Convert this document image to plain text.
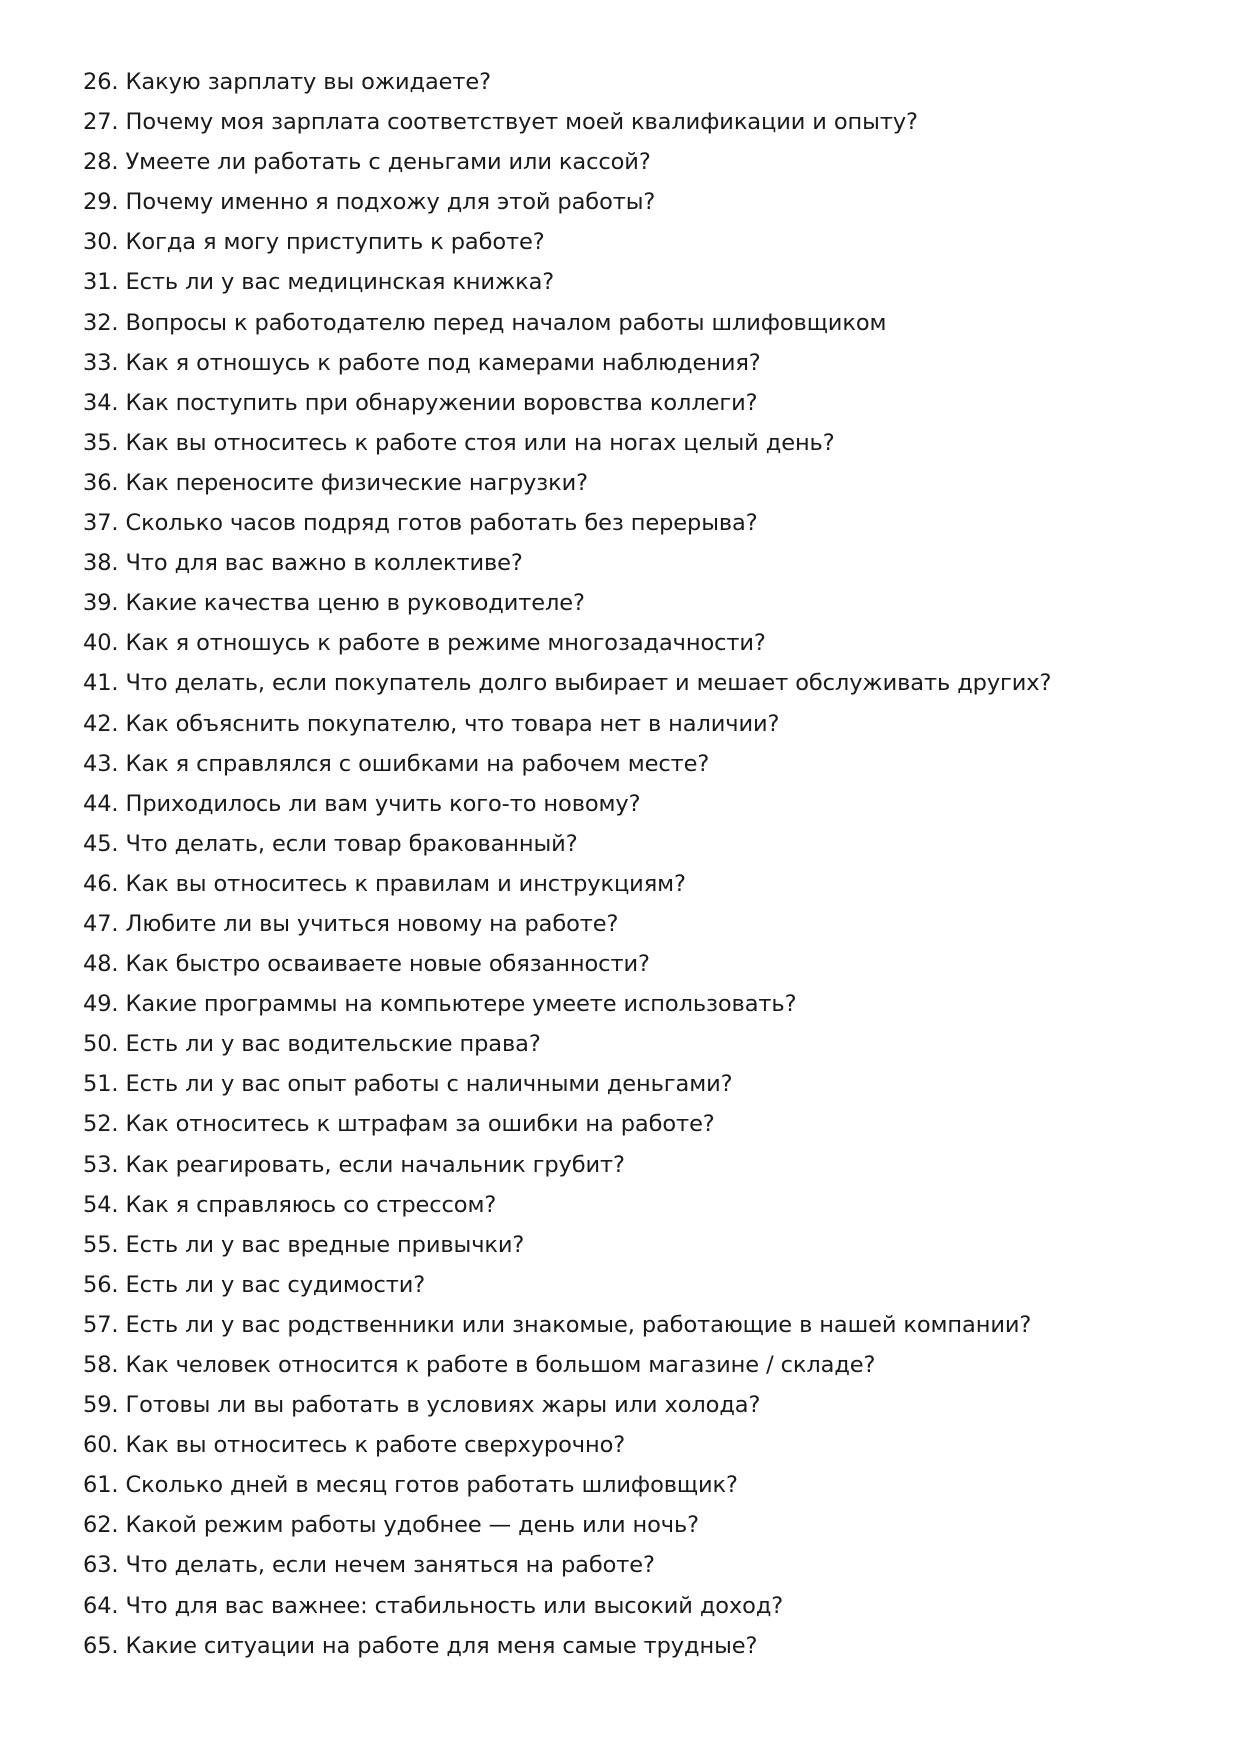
26. Какую зарплату вы ожидаете?
27. Почему моя зарплата соответствует моей квалификации и опыту?
28. Умеете ли работать с деньгами или кассой?
29. Почему именно я подхожу для этой работы?
30. Когда я могу приступить к работе?
31. Есть ли у вас медицинская книжка?
32. Вопросы к работодателю перед началом работы шлифовщиком
33. Как я отношусь к работе под камерами наблюдения?
34. Как поступить при обнаружении воровства коллеги?
35. Как вы относитесь к работе стоя или на ногах целый день?
36. Как переносите физические нагрузки?
37. Сколько часов подряд готов работать без перерыва?
38. Что для вас важно в коллективе?
39. Какие качества ценю в руководителе?
40. Как я отношусь к работе в режиме многозадачности?
41. Что делать, если покупатель долго выбирает и мешает обслуживать других?
42. Как объяснить покупателю, что товара нет в наличии?
43. Как я справлялся с ошибками на рабочем месте?
44. Приходилось ли вам учить кого-то новому?
45. Что делать, если товар бракованный?
46. Как вы относитесь к правилам и инструкциям?
47. Любите ли вы учиться новому на работе?
48. Как быстро осваиваете новые обязанности?
49. Какие программы на компьютере умеете использовать?
50. Есть ли у вас водительские права?
51. Есть ли у вас опыт работы с наличными деньгами?
52. Как относитесь к штрафам за ошибки на работе?
53. Как реагировать, если начальник грубит?
54. Как я справляюсь со стрессом?
55. Есть ли у вас вредные привычки?
56. Есть ли у вас судимости?
57. Есть ли у вас родственники или знакомые, работающие в нашей компании?
58. Как человек относится к работе в большом магазине / складе?
59. Готовы ли вы работать в условиях жары или холода?
60. Как вы относитесь к работе сверхурочно?
61. Сколько дней в месяц готов работать шлифовщик?
62. Какой режим работы удобнее — день или ночь?
63. Что делать, если нечем заняться на работе?
64. Что для вас важнее: стабильность или высокий доход?
65. Какие ситуации на работе для меня самые трудные?
